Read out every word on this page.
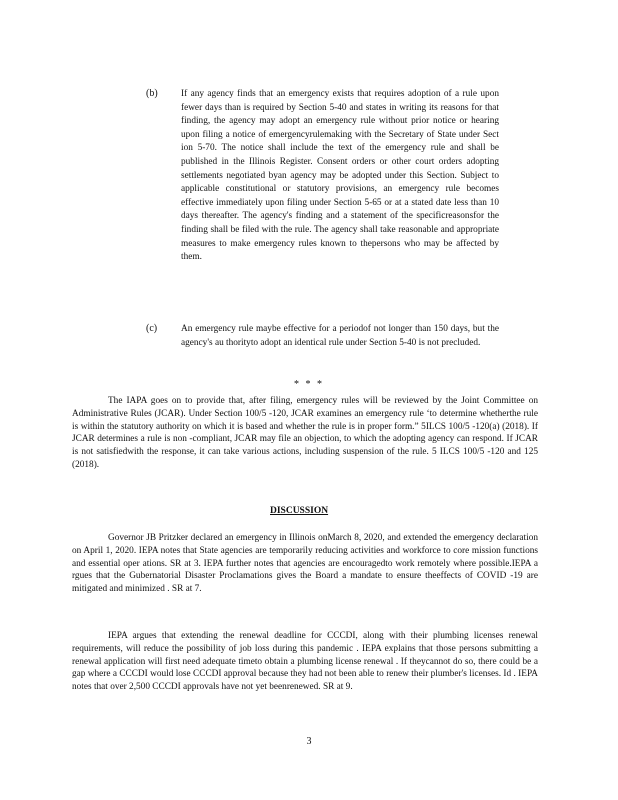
(b)	If any agency finds that an emergency exists that requires adoption of a rule upon fewer days than is required by Section 5-40 and states in writing its reasons for that finding, the agency may adopt an emergency rule without prior notice or hearing upon filing a notice of emergencyrulemaking with the Secretary of State under Sect ion 5-70. The notice shall include the text of the emergency rule and shall be published in the Illinois Register. Consent orders or other court orders adopting settlements negotiated byan agency may be adopted under this Section. Subject to applicable constitutional or statutory provisions, an emergency rule becomes effective immediately upon filing under Section 5-65 or at a stated date less than 10 days thereafter. The agency's finding and a statement of the specificreasonsfor the finding shall be filed with the rule. The agency shall take reasonable and appropriate measures to make emergency rules known to thepersons who may be affected by them.
(c)	An emergency rule maybe effective for a periodof not longer than 150 days, but the agency's au thorityto adopt an identical rule under Section 5-40 is not precluded.
* * *
The IAPA goes on to provide that, after filing, emergency rules will be reviewed by the Joint Committee on Administrative Rules (JCAR). Under Section 100/5 -120, JCAR examines an emergency rule ‘to determine whetherthe rule is within the statutory authority on which it is based and whether the rule is in proper form.” 5ILCS 100/5 -120(a) (2018). If JCAR determines a rule is non -compliant, JCAR may file an objection, to which the adopting agency can respond. If JCAR is not satisfiedwith the response, it can take various actions, including suspension of the rule. 5 ILCS 100/5 -120 and 125 (2018).
DISCUSSION
Governor JB Pritzker declared an emergency in Illinois onMarch 8, 2020, and extended the emergency declaration on April 1, 2020. IEPA notes that State agencies are temporarily reducing activities and workforce to core mission functions and essential oper ations. SR at 3. IEPA further notes that agencies are encouragedto work remotely where possible.IEPA a rgues that the Gubernatorial Disaster Proclamations gives the Board a mandate to ensure theeffects of COVID -19 are mitigated and minimized . SR at 7.
IEPA argues that extending the renewal deadline for CCCDI, along with their plumbing licenses renewal requirements, will reduce the possibility of job loss during this pandemic . IEPA explains that those persons submitting a renewal application will first need adequate timeto obtain a plumbing license renewal . If theycannot do so, there could be a gap where a CCCDI would lose CCCDI approval because they had not been able to renew their plumber's licenses. Id . IEPA notes that over 2,500 CCCDI approvals have not yet beenrenewed. SR at 9.
3
